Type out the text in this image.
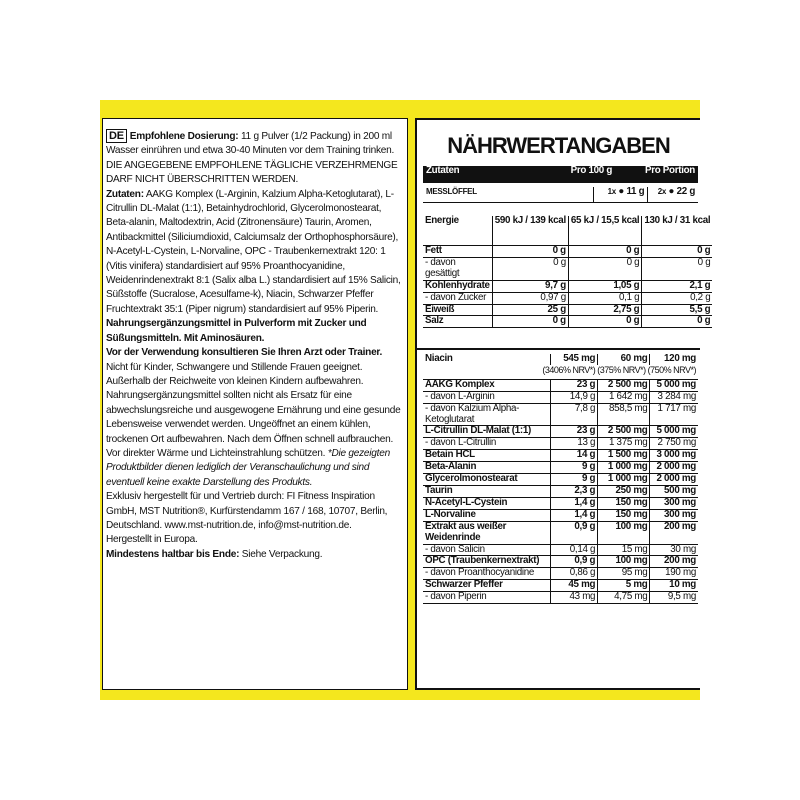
DE Empfohlene Dosierung: 11 g Pulver (1/2 Packung) in 200 ml Wasser einrühren und etwa 30-40 Minuten vor dem Training trinken. DIE ANGEGEBENE EMPFOHLENE TÄGLICHE VERZEHRMENGE DARF NICHT ÜBERSCHRITTEN WERDEN.

Zutaten: AAKG Komplex (L-Arginin, Kalzium Alpha-Ketoglutarat), L-Citrullin DL-Malat (1:1), Betainhydrochlorid, Glycerolmonostearat, Beta-alanin, Maltodextrin, Acid (Zitronensäure) Taurin, Aromen, Antibackmittel (Siliciumdioxid, Calciumsalz der Orthophosphorsäure), N-Acetyl-L-Cystein, L-Norvaline, OPC - Traubenkernextrakt 120: 1 (Vitis vinifera) standardisiert auf 95% Proanthocyanidine, Weidenrindenextrakt 8:1 (Salix alba L.) standardisiert auf 15% Salicin, Süßstoffe (Sucralose, Acesulfame-k), Niacin, Schwarzer Pfeffer Fruchtextrakt 35:1 (Piper nigrum) standardisiert auf 95% Piperin.

Nahrungsergänzungsmittel in Pulverform mit Zucker und Süßungsmitteln. Mit Aminosäuren.

Vor der Verwendung konsultieren Sie Ihren Arzt oder Trainer. Nicht für Kinder, Schwangere und Stillende Frauen geeignet. Außerhalb der Reichweite von kleinen Kindern aufbewahren. Nahrungsergänzungsmittel sollten nicht als Ersatz für eine abwechslungsreiche und ausgewogene Ernährung und eine gesunde Lebensweise verwendet werden. Ungeöffnet an einem kühlen, trockenen Ort aufbewahren. Nach dem Öffnen schnell aufbrauchen. Vor direkter Wärme und Lichteinstrahlung schützen. *Die gezeigten Produktbilder dienen lediglich der Veranschaulichung und sind eventuell keine exakte Darstellung des Produkts.

Exklusiv hergestellt für und Vertrieb durch: FI Fitness Inspiration GmbH, MST Nutrition®, Kurfürstendamm 167 / 168, 10707, Berlin, Deutschland. www.mst-nutrition.de, info@mst-nutrition.de.

Hergestellt in Europa.

Mindestens haltbar bis Ende: Siehe Verpackung.

NÄHRWERTANGABEN
Zutaten	Pro 100 g	Pro Portion
MESSLÖFFEL		1x ● 11 g	2x ● 22 g
Energie	590 kJ / 139 kcal	65 kJ / 15,5 kcal	130 kJ / 31 kcal
Fett	0 g	0 g	0 g
- davon gesättigt	0 g	0 g	0 g
Kohlenhydrate	9,7 g	1,05 g	2,1 g
- davon Zucker	0,97 g	0,1 g	0,2 g
Eiweiß	25 g	2,75 g	5,5 g
Salz	0 g	0 g	0 g
Niacin	545 mg	60 mg	120 mg
(3406% NRV*) (375% NRV*) (750% NRV*)			
AAKG Komplex	23 g	2 500 mg	5 000 mg
- davon L-Arginin	14,9 g	1 642 mg	3 284 mg
- davon Kalzium Alpha-Ketoglutarat	7,8 g	858,5 mg	1 717 mg
L-Citrullin DL-Malat (1:1)	23 g	2 500 mg	5 000 mg
- davon L-Citrullin	13 g	1 375 mg	2 750 mg
Betain HCL	14 g	1 500 mg	3 000 mg
Beta-Alanin	9 g	1 000 mg	2 000 mg
Glycerolmonostearat	9 g	1 000 mg	2 000 mg
Taurin	2,3 g	250 mg	500 mg
N-Acetyl-L-Cystein	1,4 g	150 mg	300 mg
L-Norvaline	1,4 g	150 mg	300 mg
Extrakt aus weißer Weidenrinde	0,9 g	100 mg	200 mg
- davon Salicin	0,14 g	15 mg	30 mg
OPC (Traubenkernextrakt)	0,9 g	100 mg	200 mg
- davon Proanthocyanidine	0,86 g	95 mg	190 mg
Schwarzer Pfeffer	45 mg	5 mg	10 mg
- davon Piperin	43 mg	4,75 mg	9,5 mg
